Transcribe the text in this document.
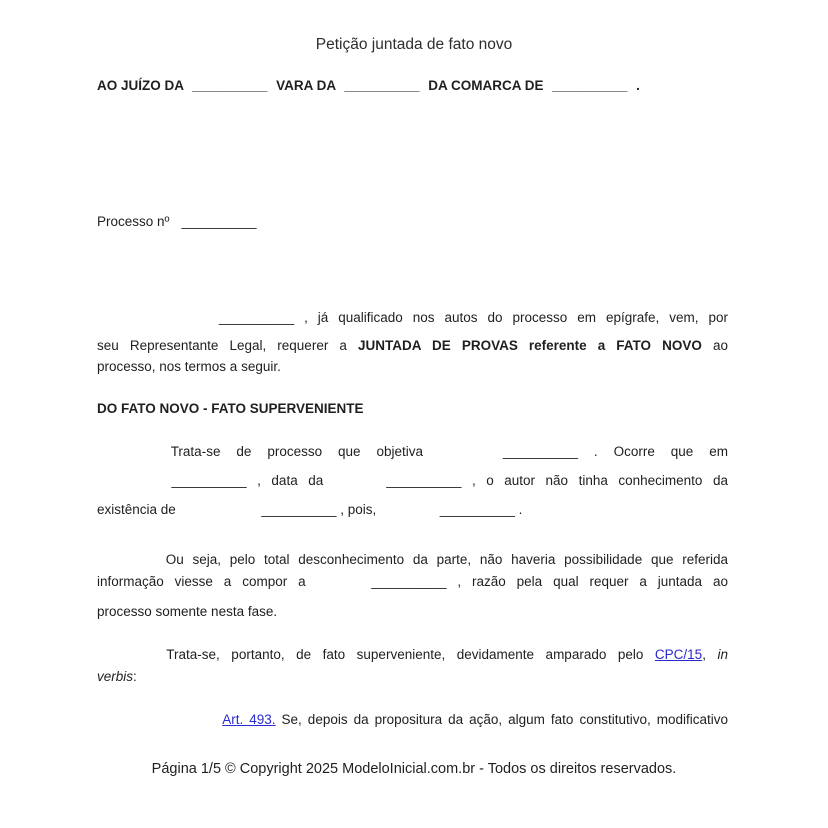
Petição juntada de fato novo
AO JUÍZO DA __________ VARA DA __________ DA COMARCA DE __________ .
Processo nº __________
__________ , já qualificado nos autos do processo em epígrafe, vem, por
seu Representante Legal, requerer a JUNTADA DE PROVAS referente a FATO NOVO ao
processo, nos termos a seguir.
DO FATO NOVO - FATO SUPERVENIENTE
Trata-se de processo que objetiva	__________ . Ocorre que em
__________ , data da	__________ , o autor não tinha conhecimento da
existência de	__________ , pois,	__________ .
Ou seja, pelo total desconhecimento da parte, não haveria possibilidade que referida
informação viesse a compor a	__________ , razão pela qual requer a juntada ao
processo somente nesta fase.
Trata-se, portanto, de fato superveniente, devidamente amparado pelo CPC/15, in
verbis:
Art. 493. Se, depois da propositura da ação, algum fato constitutivo, modificativo
Página 1/5 © Copyright 2025 ModeloInicial.com.br - Todos os direitos reservados.
